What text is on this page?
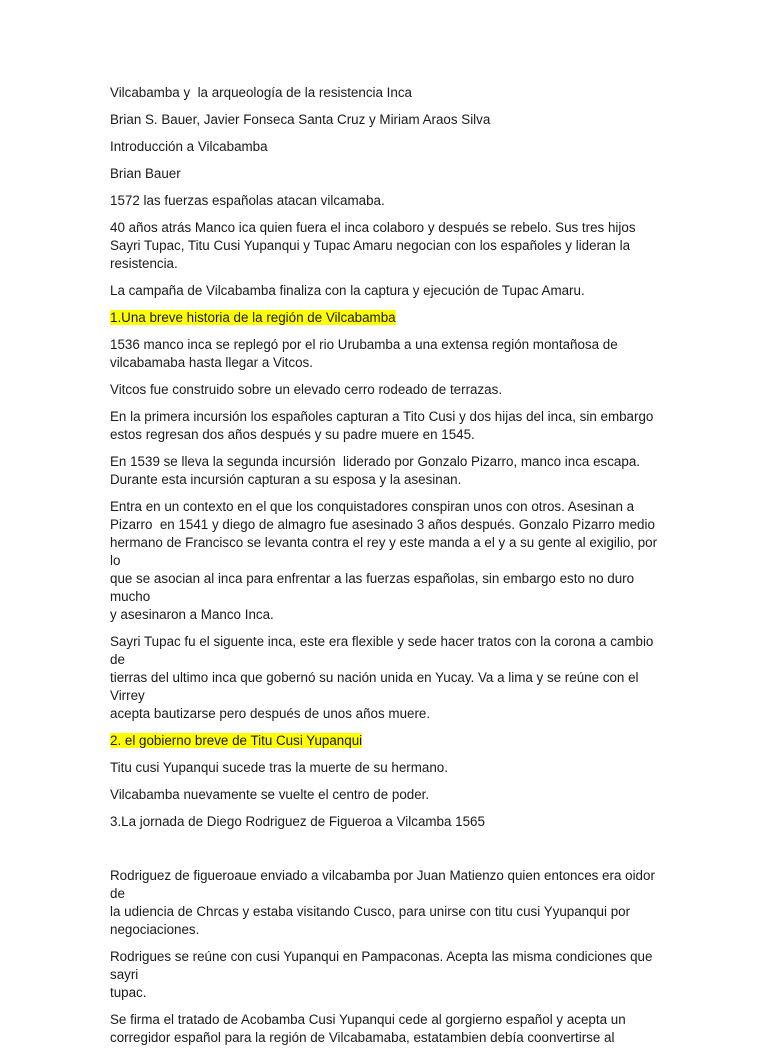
Vilcabamba y  la arqueología de la resistencia Inca

Brian S. Bauer, Javier Fonseca Santa Cruz y Miriam Araos Silva

Introducción a Vilcabamba

Brian Bauer

1572 las fuerzas españolas atacan vilcamaba.

40 años atrás Manco ica quien fuera el inca colaboro y después se rebelo. Sus tres hijos Sayri Tupac, Titu Cusi Yupanqui y Tupac Amaru negocian con los españoles y lideran la resistencia.

La campaña de Vilcabamba finaliza con la captura y ejecución de Tupac Amaru.

1.Una breve historia de la región de Vilcabamba

1536 manco inca se replegó por el rio Urubamba a una extensa región montañosa de vilcabamaba hasta llegar a Vitcos.

Vitcos fue construido sobre un elevado cerro rodeado de terrazas.

En la primera incursión los españoles capturan a Tito Cusi y dos hijas del inca, sin embargo
estos regresan dos años después y su padre muere en 1545.

En 1539 se lleva la segunda incursión  liderado por Gonzalo Pizarro, manco inca escapa.
Durante esta incursión capturan a su esposa y la asesinan.

Entra en un contexto en el que los conquistadores conspiran unos con otros. Asesinan a
Pizarro  en 1541 y diego de almagro fue asesinado 3 años después. Gonzalo Pizarro medio
hermano de Francisco se levanta contra el rey y este manda a el y a su gente al exigilio, por lo
que se asocian al inca para enfrentar a las fuerzas españolas, sin embargo esto no duro mucho
y asesinaron a Manco Inca.

Sayri Tupac fu el siguente inca, este era flexible y sede hacer tratos con la corona a cambio de
tierras del ultimo inca que gobernó su nación unida en Yucay. Va a lima y se reúne con el Virrey
acepta bautizarse pero después de unos años muere.

2. el gobierno breve de Titu Cusi Yupanqui

Titu cusi Yupanqui sucede tras la muerte de su hermano.

Vilcabamba nuevamente se vuelte el centro de poder.

3.La jornada de Diego Rodriguez de Figueroa a Vilcamba 1565

Rodriguez de figueroaue enviado a vilcabamba por Juan Matienzo quien entonces era oidor de
la udiencia de Chrcas y estaba visitando Cusco, para unirse con titu cusi Yyupanqui por
negociaciones.

Rodrigues se reúne con cusi Yupanqui en Pampaconas. Acepta las misma condiciones que sayri
tupac.

Se firma el tratado de Acobamba Cusi Yupanqui cede al gorgierno español y acepta un
corregidor español para la región de Vilcabamaba, estatambien debía coonvertirse al
